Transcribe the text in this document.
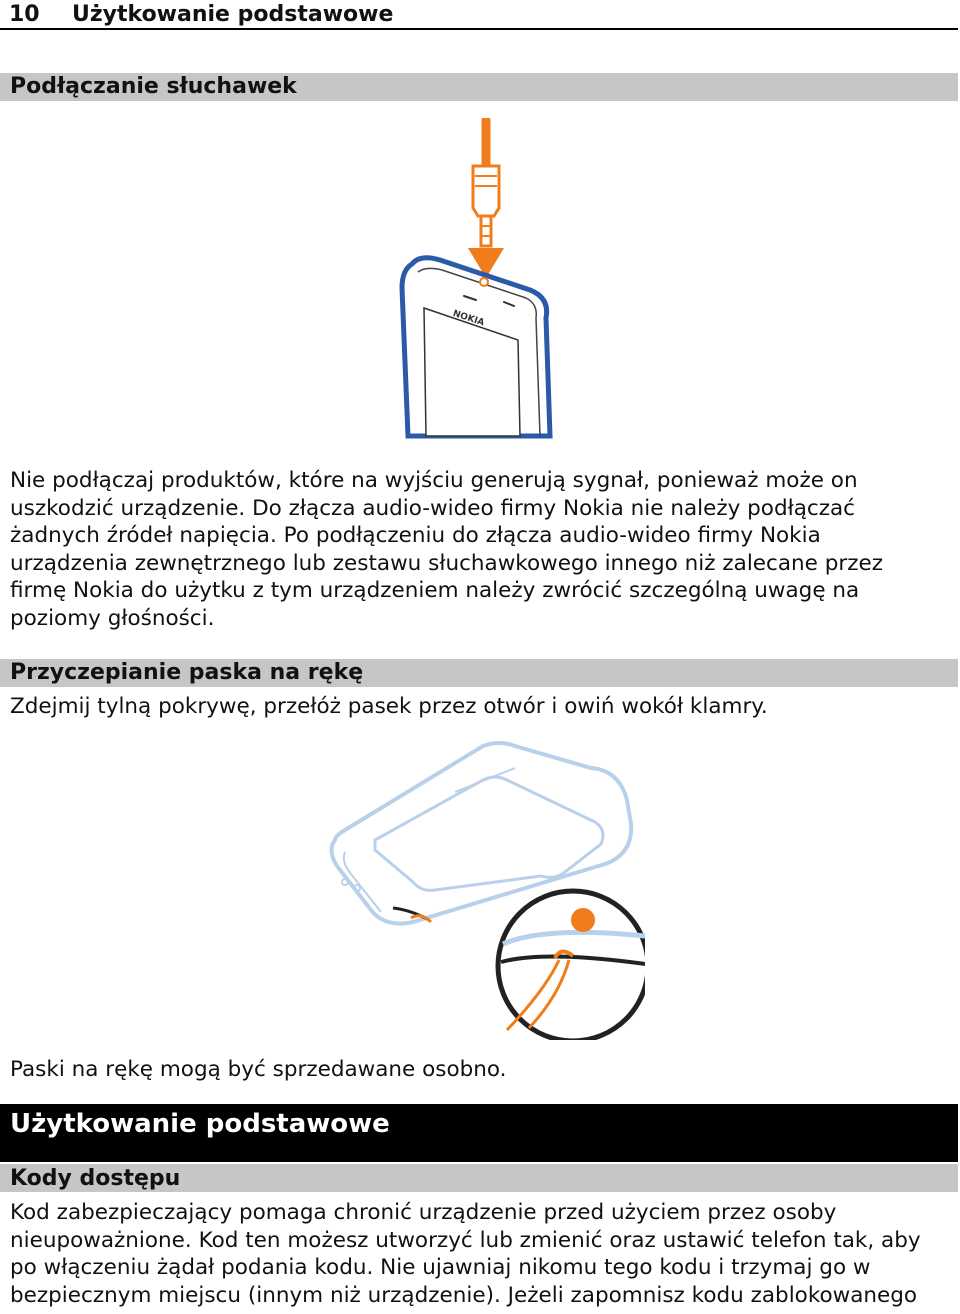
10 Użytkowanie podstawowe
Podłączanie słuchawek
NOKIA
Nie podłączaj produktów, które na wyjściu generują sygnał, ponieważ może on
uszkodzić urządzenie. Do złącza audio-wideo firmy Nokia nie należy podłączać
żadnych źródeł napięcia. Po podłączeniu do złącza audio-wideo firmy Nokia
urządzenia zewnętrznego lub zestawu słuchawkowego innego niż zalecane przez
firmę Nokia do użytku z tym urządzeniem należy zwrócić szczególną uwagę na
poziomy głośności.
Przyczepianie paska na rękę

Zdejmij tylną pokrywę, przełóż pasek przez otwór i owiń wokół klamry.

Paski na rękę mogą być sprzedawane osobno.

Użytkowanie podstawowe
Kody dostępu
Kod zabezpieczający pomaga chronić urządzenie przed użyciem przez osoby
nieupoważnione. Kod ten możesz utworzyć lub zmienić oraz ustawić telefon tak, aby
po włączeniu żądał podania kodu. Nie ujawniaj nikomu tego kodu i trzymaj go w
bezpiecznym miejscu (innym niż urządzenie). Jeżeli zapomnisz kodu zablokowanego
